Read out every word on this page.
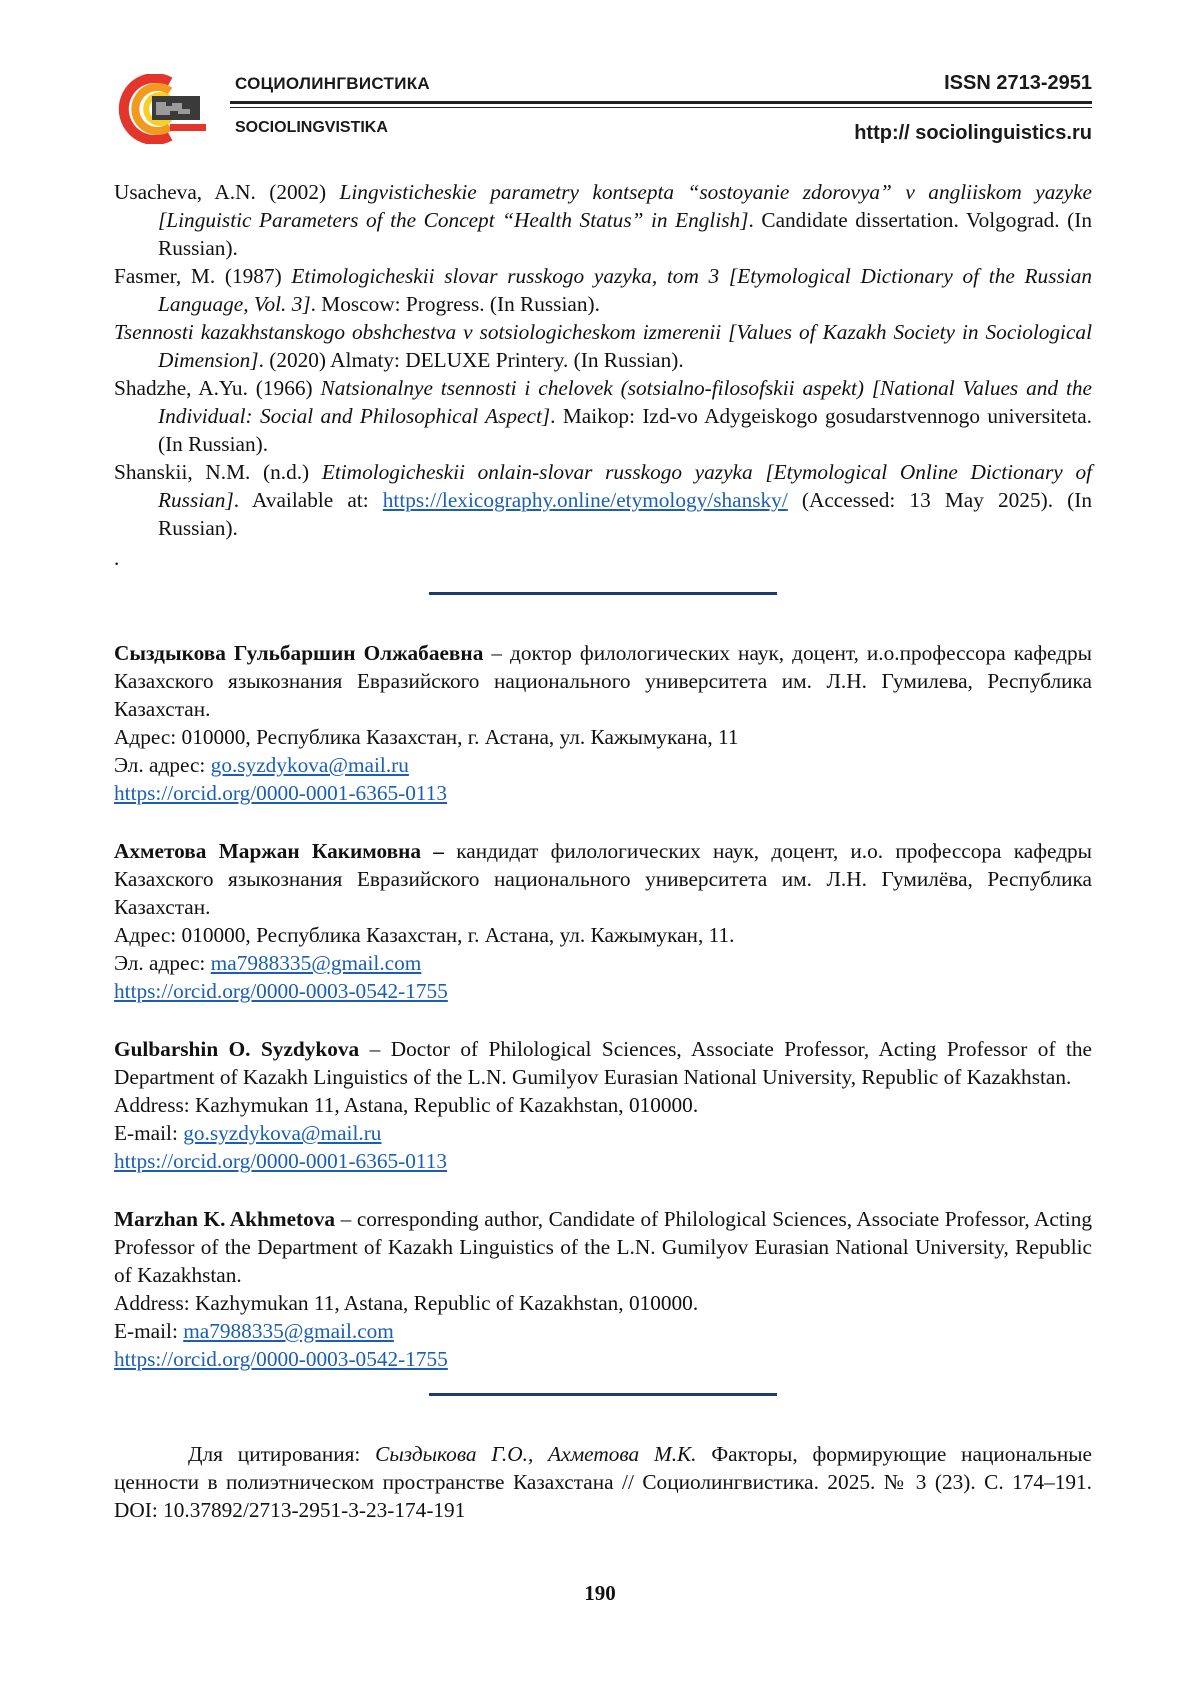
СОЦИОЛИНГВИСТИКА
SOCIOLINGVISTIKA
ISSN 2713-2951
http:// sociolinguistics.ru

Usacheva, A.N. (2002) Lingvisticheskie parametry kontsepta “sostoyanie zdorovya” v angliiskom yazyke [Linguistic Parameters of the Concept “Health Status” in English]. Candidate dissertation. Volgograd. (In Russian).

Fasmer, M. (1987) Etimologicheskii slovar russkogo yazyka, tom 3 [Etymological Dictionary of the Russian Language, Vol. 3]. Moscow: Progress. (In Russian).

Tsennosti kazakhstanskogo obshchestva v sotsiologicheskom izmerenii [Values of Kazakh Society in Sociological Dimension]. (2020) Almaty: DELUXE Printery. (In Russian).

Shadzhe, A.Yu. (1966) Natsionalnye tsennosti i chelovek (sotsialno-filosofskii aspekt) [National Values and the Individual: Social and Philosophical Aspect]. Maikop: Izd-vo Adygeiskogo gosudarstvennogo universiteta. (In Russian).

Shanskii, N.M. (n.d.) Etimologicheskii onlain-slovar russkogo yazyka [Etymological Online Dictionary of Russian]. Available at: https://lexicography.online/etymology/shansky/ (Accessed: 13 May 2025). (In Russian).

.

Сыздыкова Гульбаршин Олжабаевна – доктор филологических наук, доцент, и.о.профессора кафедры Казахского языкознания Евразийского национального университета им. Л.Н. Гумилева, Республика Казахстан.

Адрес: 010000, Республика Казахстан, г. Астана, ул. Кажымукана, 11

Эл. адрес: go.syzdykova@mail.ru

https://orcid.org/0000-0001-6365-0113

Ахметова Маржан Какимовна – кандидат филологических наук, доцент, и.о. профессора кафедры Казахского языкознания Евразийского национального университета им. Л.Н. Гумилёва, Республика Казахстан.

Адрес: 010000, Республика Казахстан, г. Астана, ул. Кажымукан, 11.

Эл. адрес: ma7988335@gmail.com

https://orcid.org/0000-0003-0542-1755

Gulbarshin O. Syzdykova – Doctor of Philological Sciences, Associate Professor, Acting Professor of the Department of Kazakh Linguistics of the L.N. Gumilyov Eurasian National University, Republic of Kazakhstan.

Address: Kazhymukan 11, Astana, Republic of Kazakhstan, 010000.

E-mail: go.syzdykova@mail.ru

https://orcid.org/0000-0001-6365-0113

Marzhan K. Akhmetova – corresponding author, Candidate of Philological Sciences, Associate Professor, Acting Professor of the Department of Kazakh Linguistics of the L.N. Gumilyov Eurasian National University, Republic of Kazakhstan.

Address: Kazhymukan 11, Astana, Republic of Kazakhstan, 010000.

E-mail: ma7988335@gmail.com

https://orcid.org/0000-0003-0542-1755

Для цитирования: Сыздыкова Г.О., Ахметова М.К. Факторы, формирующие национальные ценности в полиэтническом пространстве Казахстана // Социолингвистика. 2025. № 3 (23). С. 174–191. DOI: 10.37892/2713-2951-3-23-174-191

190
